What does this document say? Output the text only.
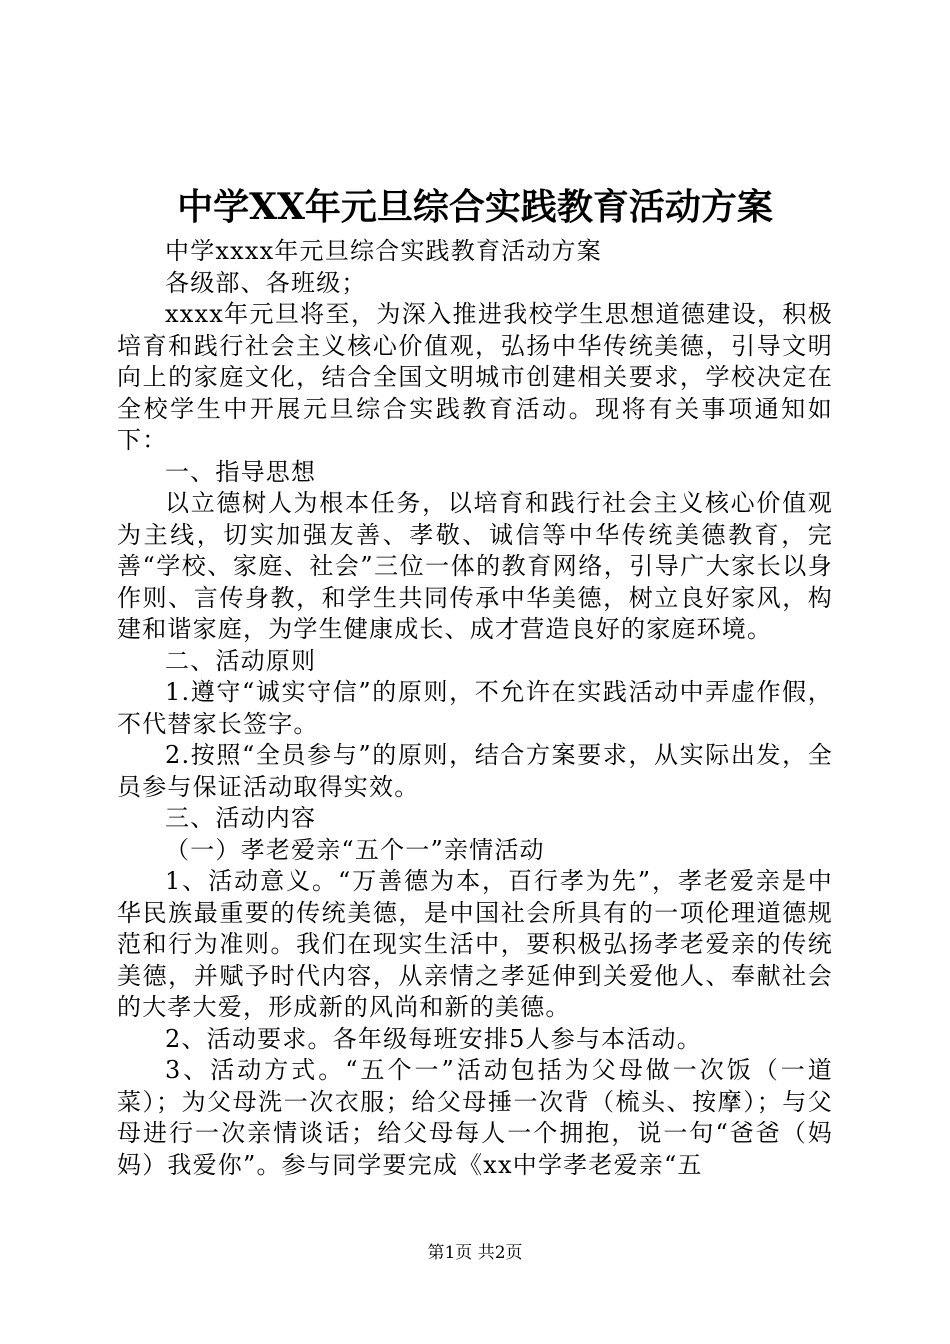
中学XX年元旦综合实践教育活动方案

中学xxxx年元旦综合实践教育活动方案

各级部、各班级；

xxxx年元旦将至，为深入推进我校学生思想道德建设，积极培育和践行社会主义核心价值观，弘扬中华传统美德，引导文明向上的家庭文化，结合全国文明城市创建相关要求，学校决定在全校学生中开展元旦综合实践教育活动。现将有关事项通知如下：

一、指导思想

以立德树人为根本任务，以培育和践行社会主义核心价值观为主线，切实加强友善、孝敬、诚信等中华传统美德教育，完善“学校、家庭、社会”三位一体的教育网络，引导广大家长以身作则、言传身教，和学生共同传承中华美德，树立良好家风，构建和谐家庭，为学生健康成长、成才营造良好的家庭环境。

二、活动原则

1.遵守“诚实守信”的原则，不允许在实践活动中弄虚作假，不代替家长签字。

2.按照“全员参与”的原则，结合方案要求，从实际出发，全员参与保证活动取得实效。

三、活动内容

（一）孝老爱亲“五个一”亲情活动

1、活动意义。“万善德为本，百行孝为先”，孝老爱亲是中华民族最重要的传统美德，是中国社会所具有的一项伦理道德规范和行为准则。我们在现实生活中，要积极弘扬孝老爱亲的传统美德，并赋予时代内容，从亲情之孝延伸到关爱他人、奉献社会的大孝大爱，形成新的风尚和新的美德。

2、活动要求。各年级每班安排5人参与本活动。

3、活动方式。“五个一”活动包括为父母做一次饭（一道菜）；为父母洗一次衣服；给父母捶一次背（梳头、按摩）；与父母进行一次亲情谈话；给父母每人一个拥抱，说一句“爸爸（妈妈）我爱你”。参与同学要完成《xx中学孝老爱亲“五

第1页 共2页
